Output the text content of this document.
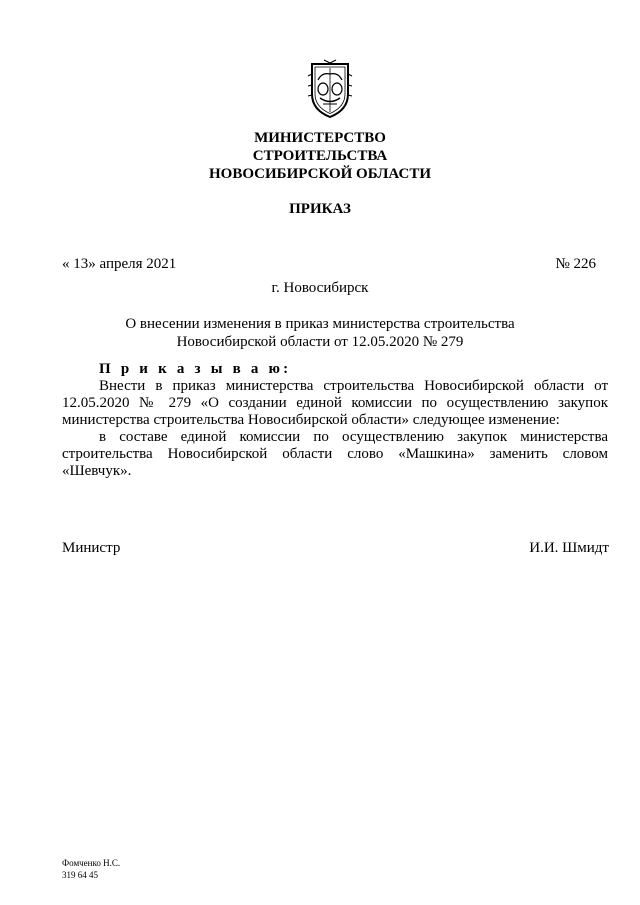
МИНИСТЕРСТВО
СТРОИТЕЛЬСТВА
НОВОСИБИРСКОЙ ОБЛАСТИ
ПРИКАЗ
« 13» апреля 2021	№ 226
г. Новосибирск
О внесении изменения в приказ министерства строительства
Новосибирской области от 12.05.2020 № 279

П р и к а з ы в а ю:

Внести в приказ министерства строительства Новосибирской области от 12.05.2020 № 279 «О создании единой комиссии по осуществлению закупок министерства строительства Новосибирской области» следующее изменение:

в составе единой комиссии по осуществлению закупок министерства строительства Новосибирской области слово «Машкина» заменить словом «Шевчук».

Министр	И.И. Шмидт
Фомченко Н.С.
319 64 45
